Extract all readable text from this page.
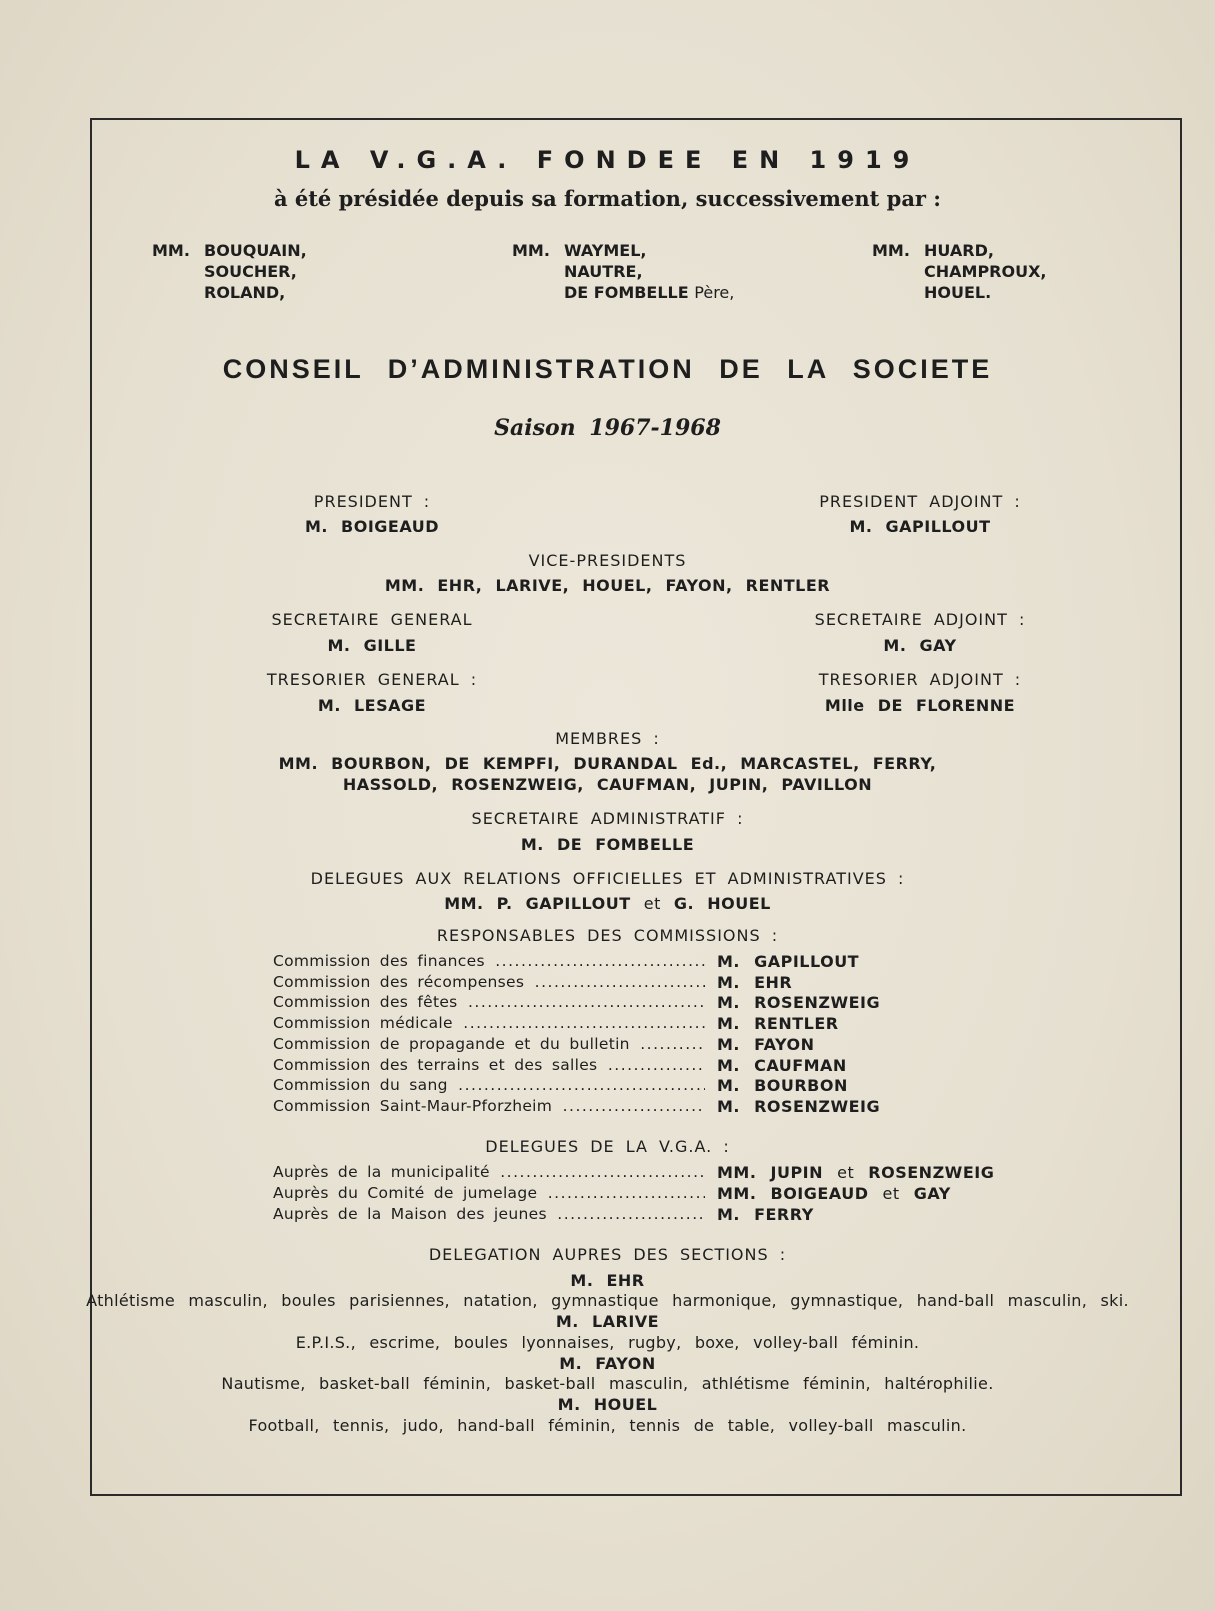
LA V.G.A. FONDEE EN 1919
à été présidée depuis sa formation, successivement par :
MM. BOUQUAIN,
SOUCHER,
ROLAND,
MM. WAYMEL,
NAUTRE,
DE FOMBELLE Père,
MM. HUARD,
CHAMPROUX,
HOUEL.
CONSEIL D’ADMINISTRATION DE LA SOCIETE
Saison 1967-1968
PRESIDENT :
M. BOIGEAUD
PRESIDENT ADJOINT :
M. GAPILLOUT
VICE-PRESIDENTS
MM. EHR, LARIVE, HOUEL, FAYON, RENTLER
SECRETAIRE GENERAL
M. GILLE
SECRETAIRE ADJOINT :
M. GAY
TRESORIER GENERAL :
M. LESAGE
TRESORIER ADJOINT :
Mlle DE FLORENNE
MEMBRES :
MM. BOURBON, DE KEMPFI, DURANDAL Ed., MARCASTEL, FERRY,
HASSOLD, ROSENZWEIG, CAUFMAN, JUPIN, PAVILLON
SECRETAIRE ADMINISTRATIF :
M. DE FOMBELLE
DELEGUES AUX RELATIONS OFFICIELLES ET ADMINISTRATIVES :
MM. P. GAPILLOUT et G. HOUEL
RESPONSABLES DES COMMISSIONS :
Commission des finances .....	M. GAPILLOUT
Commission des récompenses .....	M. EHR
Commission des fêtes .....	M. ROSENZWEIG
Commission médicale .....	M. RENTLER
Commission de propagande et du bulletin .....	M. FAYON
Commission des terrains et des salles .....	M. CAUFMAN
Commission du sang .....	M. BOURBON
Commission Saint-Maur-Pforzheim .....	M. ROSENZWEIG
DELEGUES DE LA V.G.A. :
Auprès de la municipalité .....	MM. JUPIN et ROSENZWEIG
Auprès du Comité de jumelage .....	MM. BOIGEAUD et GAY
Auprès de la Maison des jeunes .....	M. FERRY
DELEGATION AUPRES DES SECTIONS :
M. EHR
Athlétisme masculin, boules parisiennes, natation, gymnastique harmonique, gymnastique, hand-ball masculin, ski.
M. LARIVE
E.P.I.S., escrime, boules lyonnaises, rugby, boxe, volley-ball féminin.
M. FAYON
Nautisme, basket-ball féminin, basket-ball masculin, athlétisme féminin, haltérophilie.
M. HOUEL
Football, tennis, judo, hand-ball féminin, tennis de table, volley-ball masculin.
